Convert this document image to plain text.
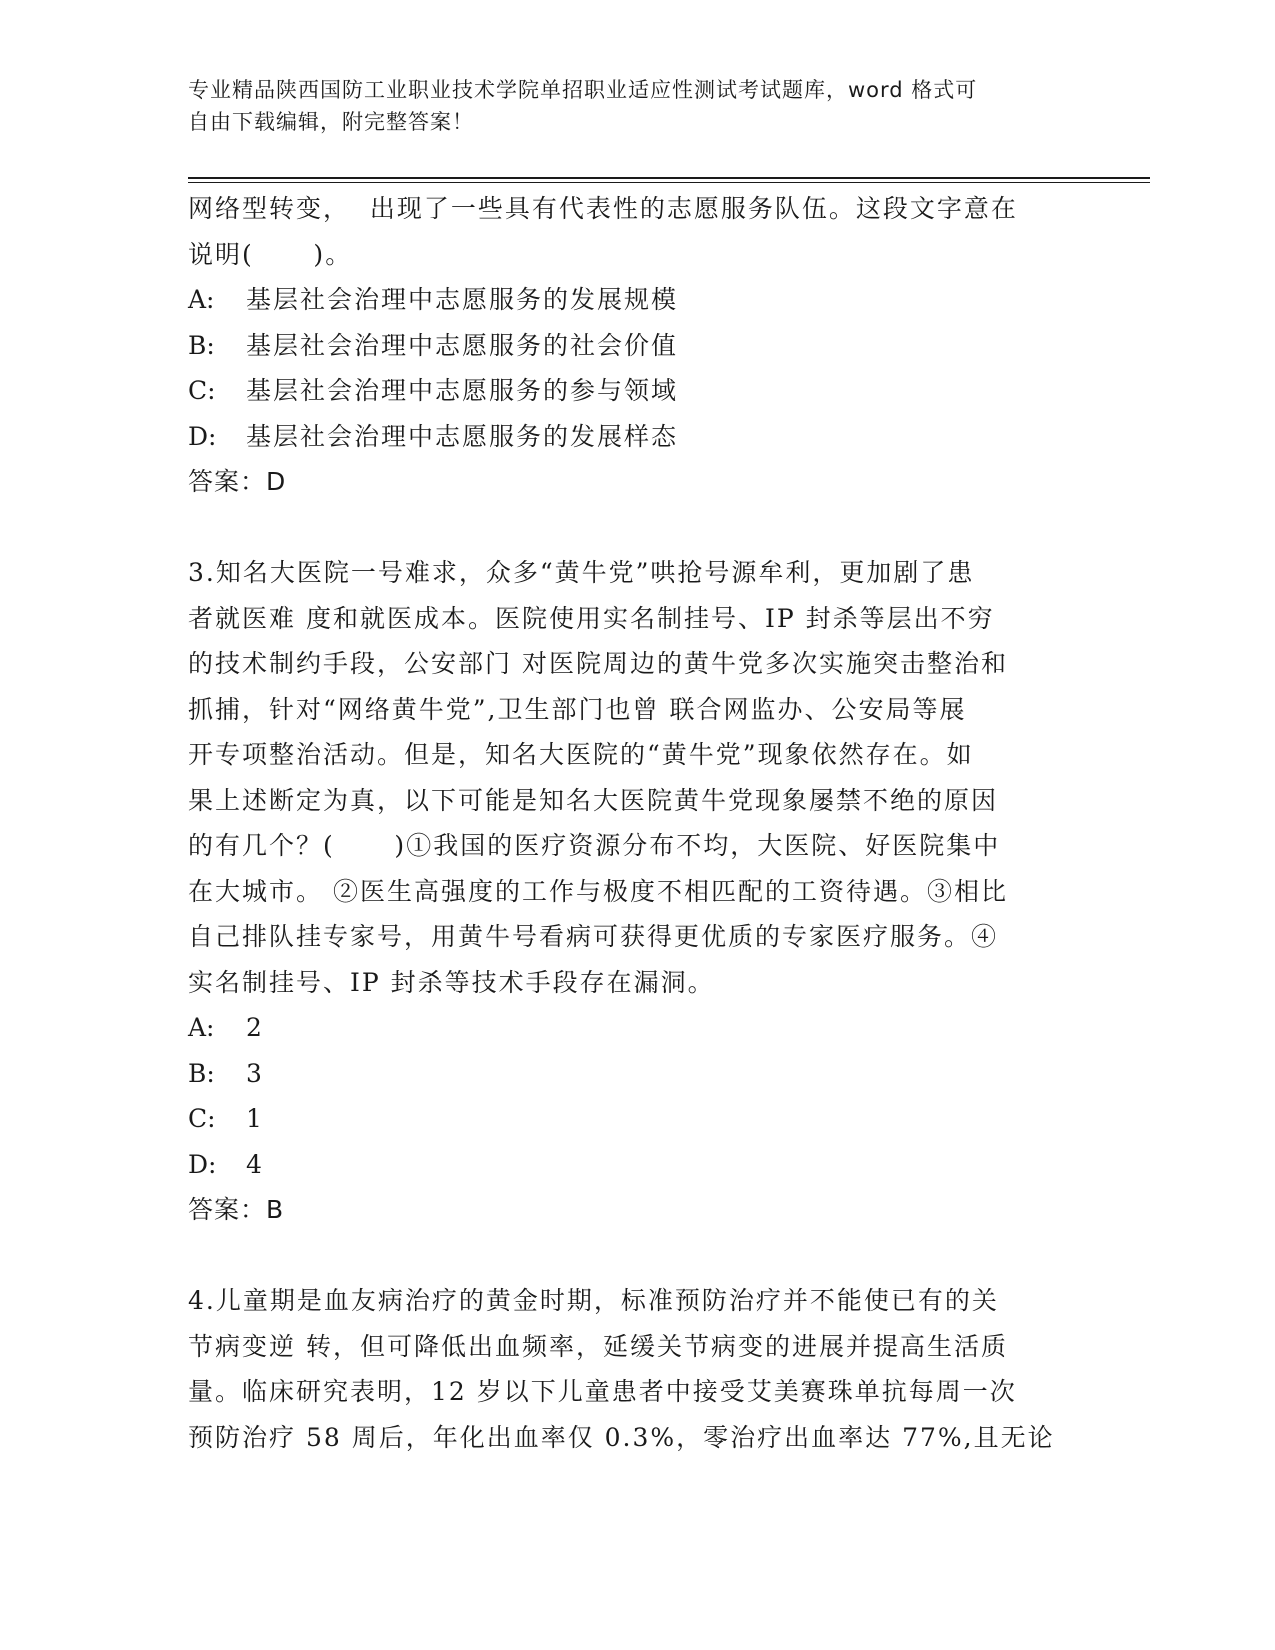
专业精品陕西国防工业职业技术学院单招职业适应性测试考试题库，word 格式可
自由下载编辑，附完整答案！
网络型转变，  出现了一些具有代表性的志愿服务队伍。这段文字意在
说明(      )。
A: 基层社会治理中志愿服务的发展规模
B: 基层社会治理中志愿服务的社会价值
C: 基层社会治理中志愿服务的参与领域
D: 基层社会治理中志愿服务的发展样态
答案：D
3.知名大医院一号难求，众多“黄牛党”哄抢号源牟利，更加剧了患
者就医难 度和就医成本。医院使用实名制挂号、IP 封杀等层出不穷
的技术制约手段，公安部门 对医院周边的黄牛党多次实施突击整治和
抓捕，针对“网络黄牛党”,卫生部门也曾 联合网监办、公安局等展
开专项整治活动。但是，知名大医院的“黄牛党”现象依然存在。如
果上述断定为真，以下可能是知名大医院黄牛党现象屡禁不绝的原因
的有几个？(      )①我国的医疗资源分布不均，大医院、好医院集中
在大城市。 ②医生高强度的工作与极度不相匹配的工资待遇。③相比
自己排队挂专家号，用黄牛号看病可获得更优质的专家医疗服务。④
实名制挂号、IP 封杀等技术手段存在漏洞。
A: 2
B: 3
C: 1
D: 4
答案：B
4.儿童期是血友病治疗的黄金时期，标准预防治疗并不能使已有的关
节病变逆 转，但可降低出血频率，延缓关节病变的进展并提高生活质
量。临床研究表明，12 岁以下儿童患者中接受艾美赛珠单抗每周一次
预防治疗 58 周后，年化出血率仅 0.3%，零治疗出血率达 77%,且无论
